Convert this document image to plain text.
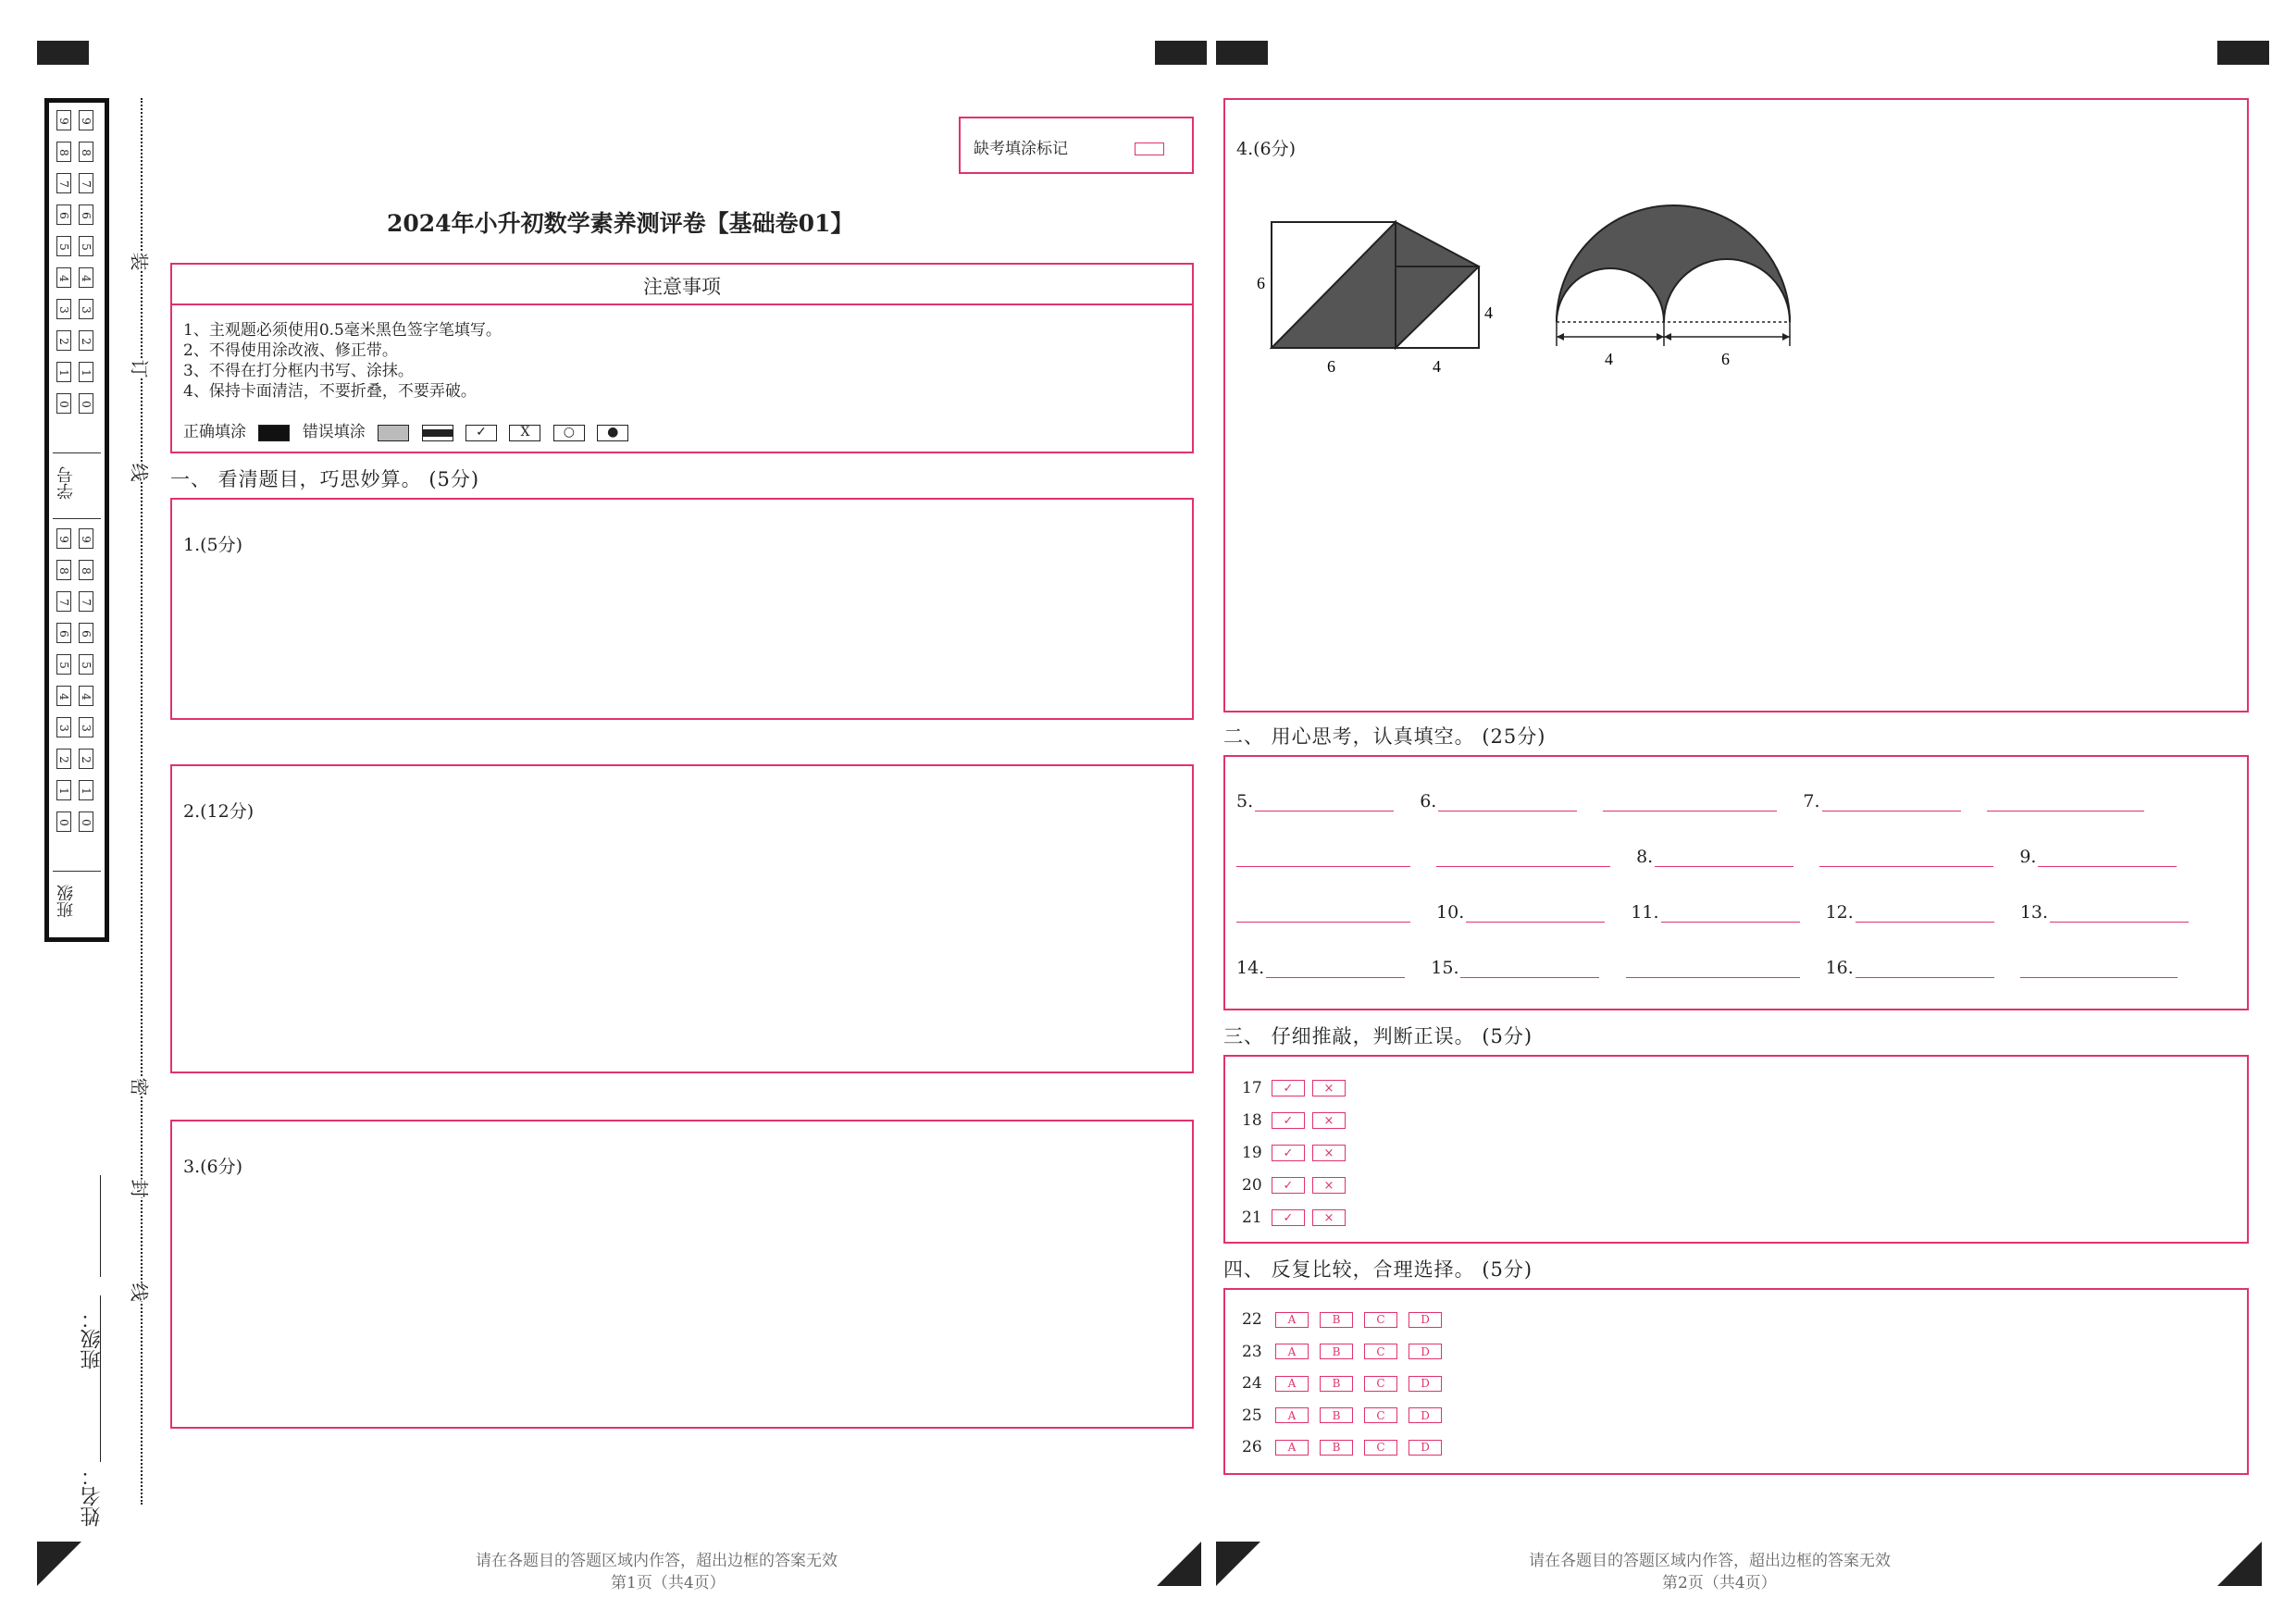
9
8
7
6
5
4
3
2
1
0
9
8
7
6
5
4
3
2
1
0
学号
9
8
7
6
5
4
3
2
1
0
9
8
7
6
5
4
3
2
1
0
班级
装
订
线
密
封
线
姓名：
班级：
缺考填涂标记
2024年小升初数学素养测评卷【基础卷01】
注意事项
1、主观题必须使用0.5毫米黑色签字笔填写。
2、不得使用涂改液、修正带。
3、不得在打分框内书写、涂抹。
4、保持卡面清洁，不要折叠，不要弄破。
正确填涂	错误填涂	✓	X	○	●
一、 看清题目，巧思妙算。 (5分)
1.(5分)
2.(12分)
3.(6分)
请在各题目的答题区域内作答，超出边框的答案无效
第1页（共4页）
4.(6分)
6
6	4
4
4	6
二、 用心思考，认真填空。 (25分)
5.	6.	7.
8.	9.
10.	11.	12.	13.
14.	15.	16.
三、 仔细推敲，判断正误。 (5分)
17	✓	×
18	✓	×
19	✓	×
20	✓	×
21	✓	×
四、 反复比较，合理选择。 (5分)
22	A	B	C	D
23	A	B	C	D
24	A	B	C	D
25	A	B	C	D
26	A	B	C	D
请在各题目的答题区域内作答，超出边框的答案无效
第2页（共4页）
